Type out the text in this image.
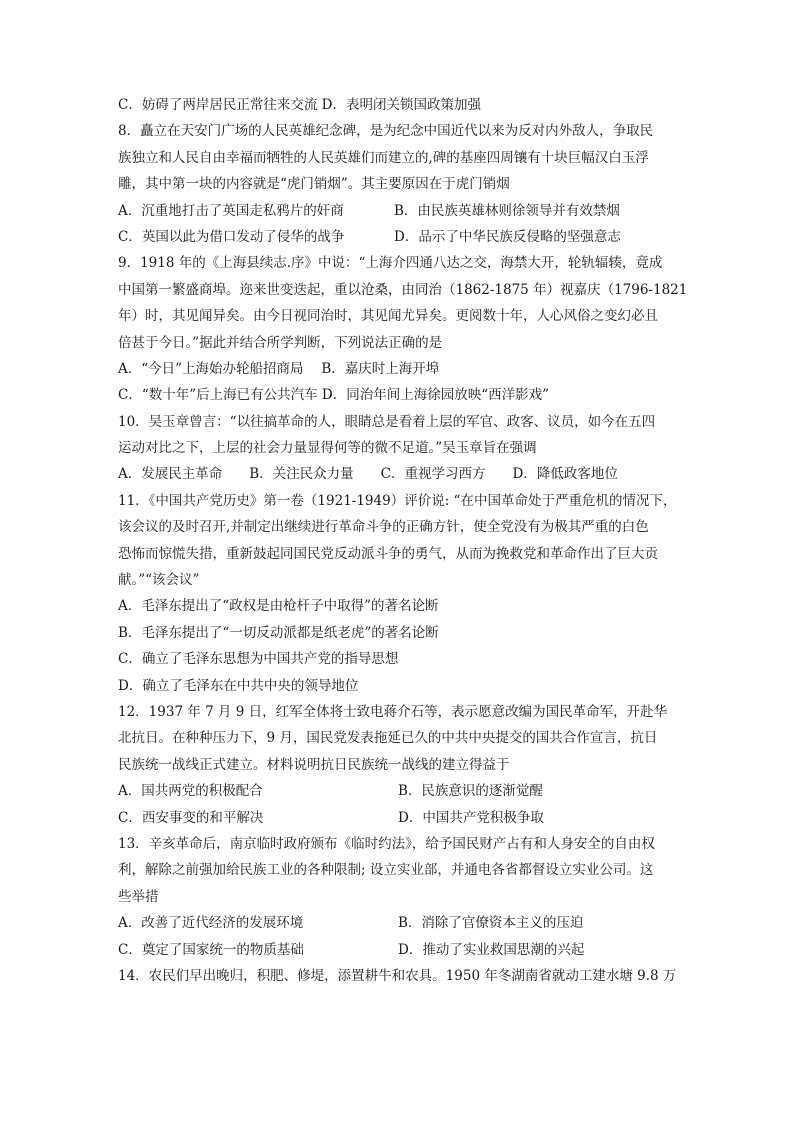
C．妨碍了两岸居民正常往来交流 D．表明闭关锁国政策加强
8．矗立在天安门广场的人民英雄纪念碑，是为纪念中国近代以来为反对内外敌人，争取民
族独立和人民自由幸福而牺牲的人民英雄们而建立的,碑的基座四周镶有十块巨幅汉白玉浮
雕，其中第一块的内容就是“虎门销烟”。其主要原因在于虎门销烟
A．沉重地打击了英国走私鸦片的奸商	B．由民族英雄林则徐领导并有效禁烟
C．英国以此为借口发动了侵华的战争	D．品示了中华民族反侵略的坚强意志
9．1918 年的《上海县续志.序》中说：“上海介四通八达之交，海禁大开，轮轨辐辏，竟成
中国第一繁盛商埠。迩来世变迭起，重以沧桑，由同治（1862-1875 年）视嘉庆（1796-1821
年）时，其见闻异矣。由今日视同治时，其见闻尤异矣。更阅数十年，人心风俗之变幻必且
倍甚于今日。”据此并结合所学判断，下列说法正确的是
A．“今日”上海始办轮船招商局　 B．嘉庆时上海开埠
C．“数十年”后上海已有公共汽车 D．同治年间上海徐园放映“西洋影戏”
10．吴玉章曾言：“以往搞革命的人，眼睛总是看着上层的军官、政客、议员，如今在五四
运动对比之下，上层的社会力量显得何等的微不足道。”吴玉章旨在强调
A．发展民主革命　　B．关注民众力量　　C．重视学习西方　　D．降低政客地位
11．《中国共产党历史》第一卷（1921-1949）评价说: “在中国革命处于严重危机的情况下，
该会议的及时召开,并制定出继续进行革命斗争的正确方针，使全党没有为极其严重的白色
恐怖而惊慌失措，重新鼓起同国民党反动派斗争的勇气，从而为挽救党和革命作出了巨大贡
献。”“该会议”
A．毛泽东提出了“政权是由枪杆子中取得”的著名论断
B．毛泽东提出了“一切反动派都是纸老虎”的著名论断
C．确立了毛泽东思想为中国共产党的指导思想
D．确立了毛泽东在中共中央的领导地位
12．1937 年 7 月 9 日，红军全体将士致电蒋介石等，表示愿意改编为国民革命军，开赴华
北抗日。在种种压力下，9 月，国民党发表拖延已久的中共中央提交的国共合作宣言，抗日
民族统一战线正式建立。材料说明抗日民族统一战线的建立得益于
A．国共两党的积极配合	B．民族意识的逐渐觉醒
C．西安事变的和平解决	D．中国共产党积极争取
13．辛亥革命后，南京临时政府颁布《临时约法》，给予国民财产占有和人身安全的自由权
利，解除之前强加给民族工业的各种限制; 设立实业部，并通电各省都督设立实业公司。这
些举措
A．改善了近代经济的发展环境	B．消除了官僚资本主义的压迫
C．奠定了国家统一的物质基础	D．推动了实业救国思潮的兴起
14．农民们早出晚归，积肥、修堤，添置耕牛和农具。1950 年冬湖南省就动工建水塘 9.8 万
